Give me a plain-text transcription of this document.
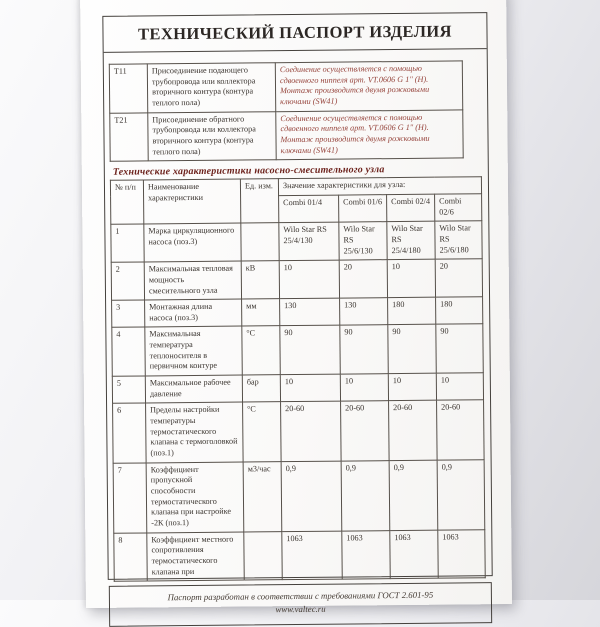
ТЕХНИЧЕСКИЙ ПАСПОРТ ИЗДЕЛИЯ
Т11	Присоединение подающего трубопровода или коллектора вторичного контура (контура теплого пола)	Соединение осуществляется с помощью сдвоенного ниппеля арт. VT.0606 G 1" (Н). Монтаж производится двумя рожковыми ключами (SW41)
Т21	Присоединение обратного трубопровода или коллектора вторичного контура (контура теплого пола)	Соединение осуществляется с помощью сдвоенного ниппеля арт. VT.0606 G 1" (Н). Монтаж производится двумя рожковыми ключами (SW41)
Технические характеристики насосно-смесительного узла
№ п/п	Наименование характеристики	Ед. изм.	Значение характеристики для узла:			
			Combi 01/4	Combi 01/6	Combi 02/4	Combi 02/6
1	Марка циркуляционного насоса (поз.3)		Wilo Star RS 25/4/130	Wilo Star RS 25/6/130	Wilo Star RS 25/4/180	Wilo Star RS 25/6/180
2	Максимальная тепловая мощность смесительного узла	кВ	10	20	10	20
3	Монтажная длина насоса (поз.3)	мм	130	130	180	180
4	Максимальная температура теплоносителя в первичном контуре	°С	90	90	90	90
5	Максимальное рабочее давление	бар	10	10	10	10
6	Пределы настройки температуры термостатического клапана с термоголовкой (поз.1)	°С	20-60	20-60	20-60	20-60
7	Коэффициент пропускной способности термостатического клапана при настройке -2К (поз.1)	м3/час	0,9	0,9	0,9	0,9
8	Коэффициент местного сопротивления термостатического клапана при		1063	1063	1063	1063
Паспорт разработан в соответствии с требованиями ГОСТ 2.601-95
www.valtec.ru
